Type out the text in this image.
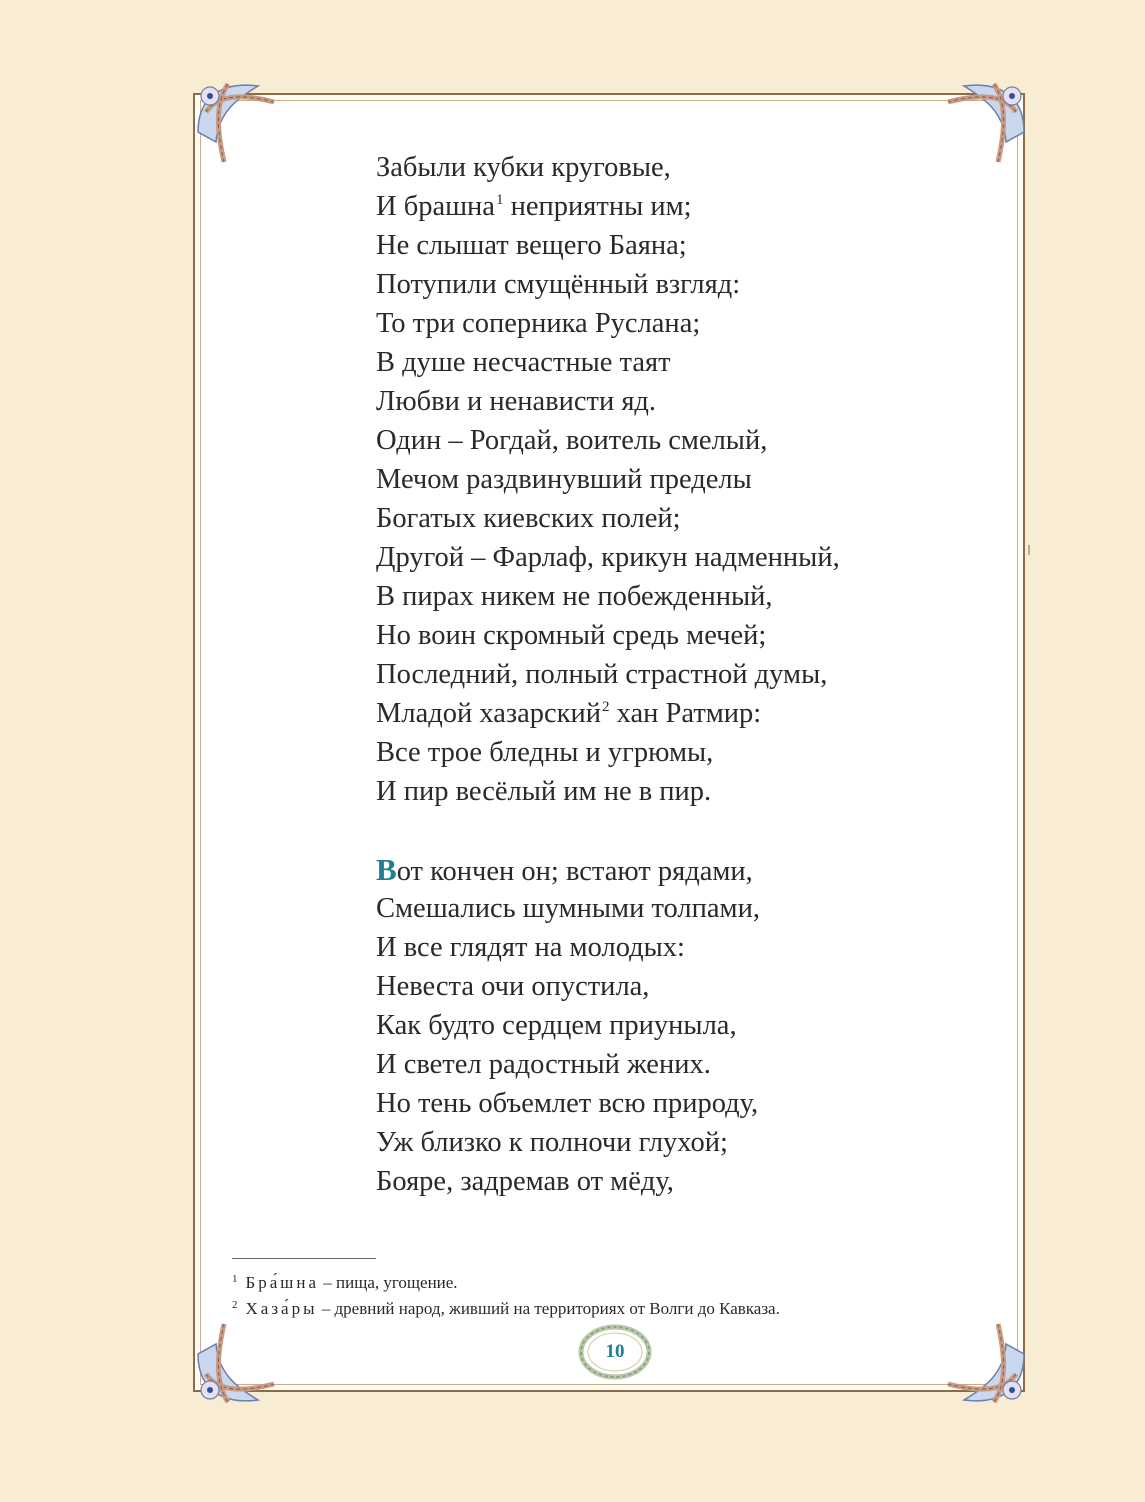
Забыли кубки круговые,
И брашна$^1$ неприятны им;
Не слышат вещего Баяна;
Потупили смущённый взгляд:
То три соперника Руслана;
В душе несчастные таят
Любви и ненависти яд.
Один – Рогдай, воитель смелый,
Мечом раздвинувший пределы
Богатых киевских полей;
Другой – Фарлаф, крикун надменный,
В пирах никем не побежденный,
Но воин скромный средь мечей;
Последний, полный страстной думы,
Младой хазарский$^2$ хан Ратмир:
Все трое бледны и угрюмы,
И пир весёлый им не в пир.
Вот кончен он; встают рядами,
Смешались шумными толпами,
И все глядят на молодых:
Невеста очи опустила,
Как будто сердцем приуныла,
И светел радостный жених.
Но тень объемлет всю природу,
Уж близко к полночи глухой;
Бояре, задремав от мёду,
$^1$ Бра́шна – пища, угощение.
$^2$ Хаза́ры – древний народ, живший на территориях от Волги до Кавказа.
10
